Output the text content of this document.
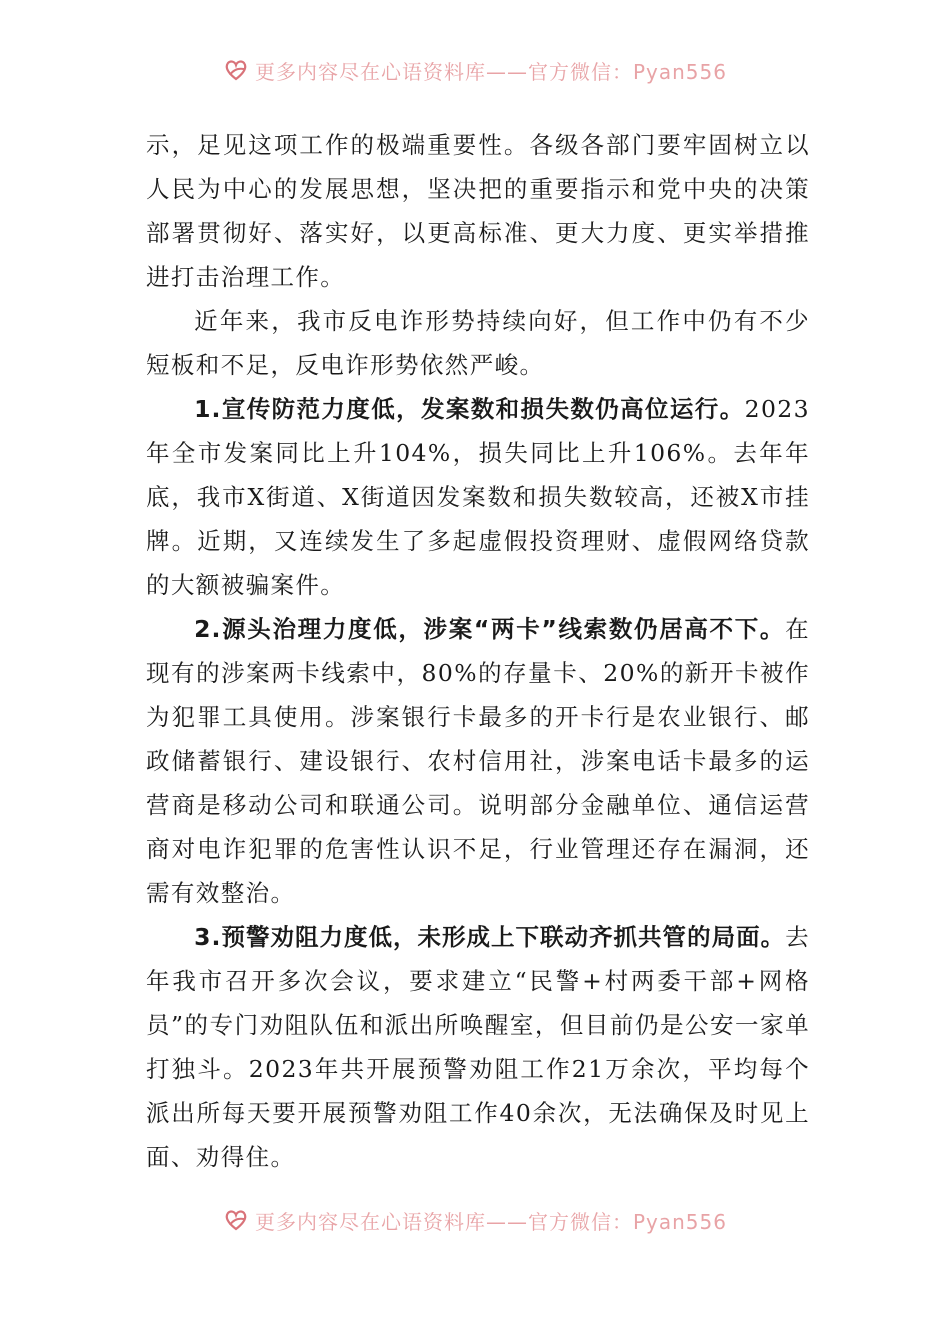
更多内容尽在心语资料库——官方微信：Pyan556

示，足见这项工作的极端重要性。各级各部门要牢固树立以人民为中心的发展思想，坚决把的重要指示和党中央的决策部署贯彻好、落实好，以更高标准、更大力度、更实举措推进打击治理工作。

近年来，我市反电诈形势持续向好，但工作中仍有不少短板和不足，反电诈形势依然严峻。

1.宣传防范力度低，发案数和损失数仍高位运行。2023年全市发案同比上升104%，损失同比上升106%。去年年底，我市X街道、X街道因发案数和损失数较高，还被X市挂牌。近期，又连续发生了多起虚假投资理财、虚假网络贷款的大额被骗案件。

2.源头治理力度低，涉案“两卡”线索数仍居高不下。在现有的涉案两卡线索中，80%的存量卡、20%的新开卡被作为犯罪工具使用。涉案银行卡最多的开卡行是农业银行、邮政储蓄银行、建设银行、农村信用社，涉案电话卡最多的运营商是移动公司和联通公司。说明部分金融单位、通信运营商对电诈犯罪的危害性认识不足，行业管理还存在漏洞，还需有效整治。

3.预警劝阻力度低，未形成上下联动齐抓共管的局面。去年我市召开多次会议，要求建立“民警+村两委干部+网格员”的专门劝阻队伍和派出所唤醒室，但目前仍是公安一家单打独斗。2023年共开展预警劝阻工作21万余次，平均每个派出所每天要开展预警劝阻工作40余次，无法确保及时见上面、劝得住。

更多内容尽在心语资料库——官方微信：Pyan556
